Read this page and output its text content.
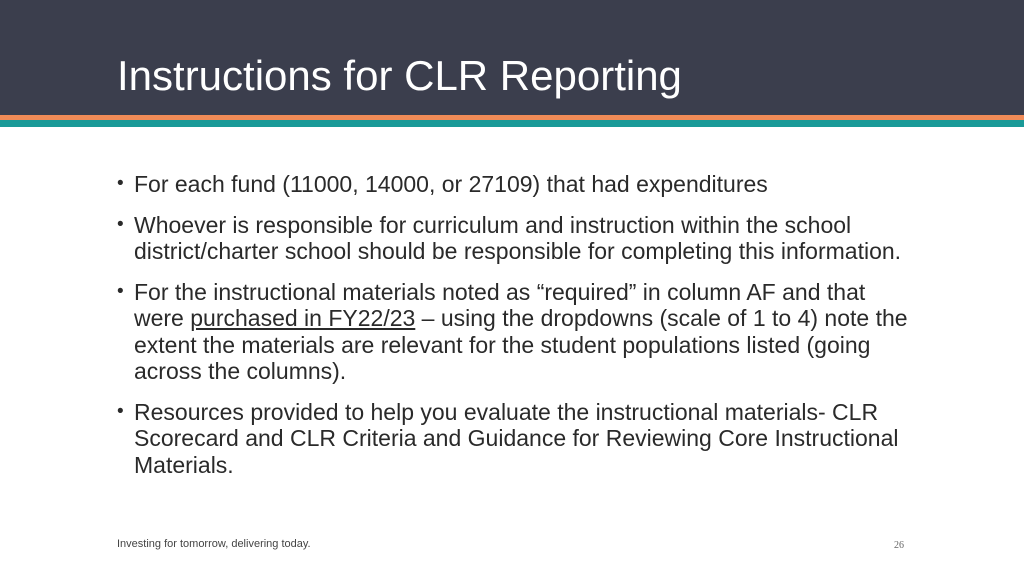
Instructions for CLR Reporting
• For each fund (11000, 14000, or 27109) that had expenditures
• Whoever is responsible for curriculum and instruction within the school district/charter school should be responsible for completing this information.
• For the instructional materials noted as “required” in column AF and that were purchased in FY22/23 – using the dropdowns (scale of 1 to 4) note the extent the materials are relevant for the student populations listed (going across the columns).
• Resources provided to help you evaluate the instructional materials- CLR Scorecard and CLR Criteria and Guidance for Reviewing Core Instructional Materials.
Investing for tomorrow, delivering today.	26
